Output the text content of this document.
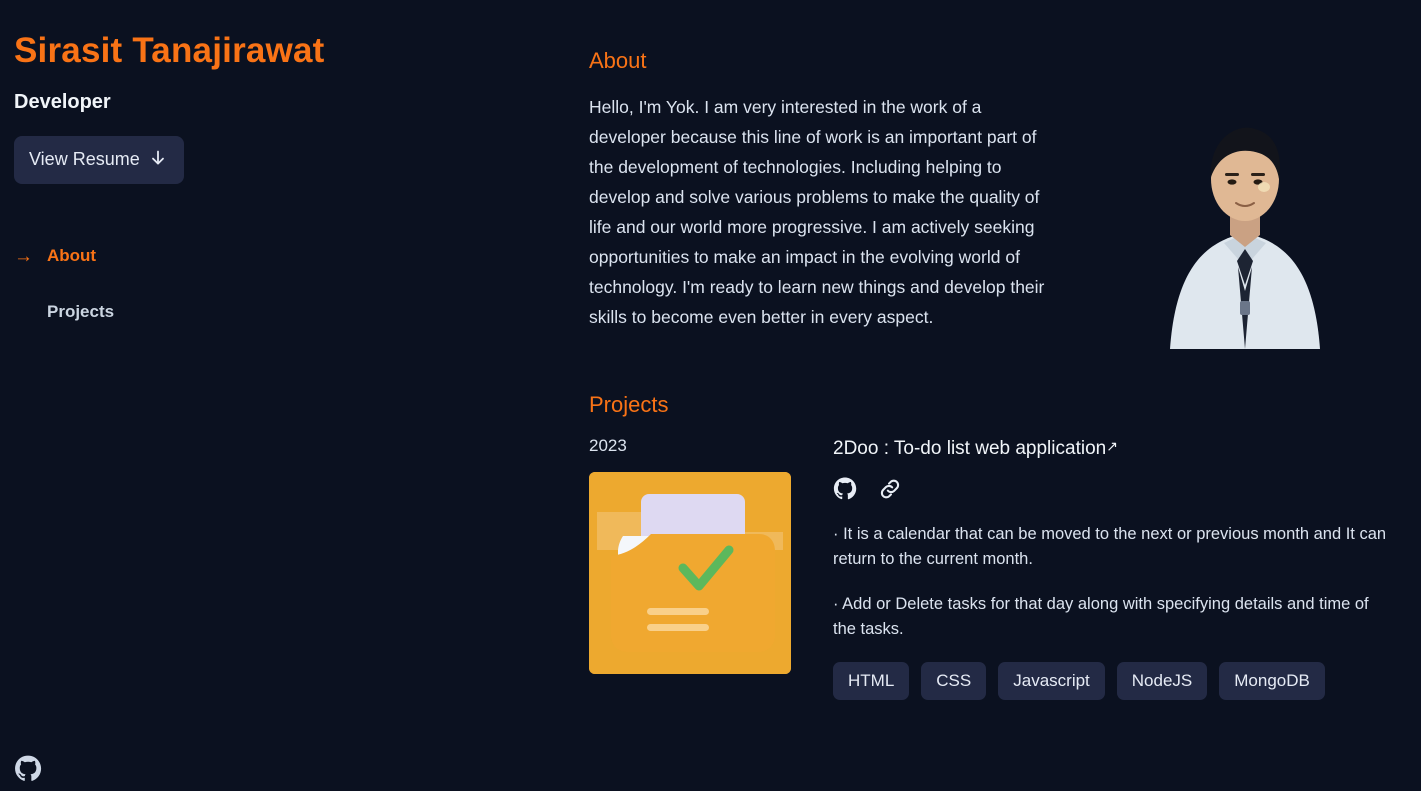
Sirasit Tanajirawat
Developer
View Resume
→ About
Projects
About

Hello, I'm Yok. I am very interested in the work of a developer because this line of work is an important part of the development of technologies. Including helping to develop and solve various problems to make the quality of life and our world more progressive. I am actively seeking opportunities to make an impact in the evolving world of technology. I'm ready to learn new things and develop their skills to become even better in every aspect.

Projects
2023	2Doo : To-do list web application↗
· It is a calendar that can be moved to the next or previous month and It can return to the current month.
· Add or Delete tasks for that day along with specifying details and time of the tasks.
HTML	CSS	Javascript	NodeJS	MongoDB
